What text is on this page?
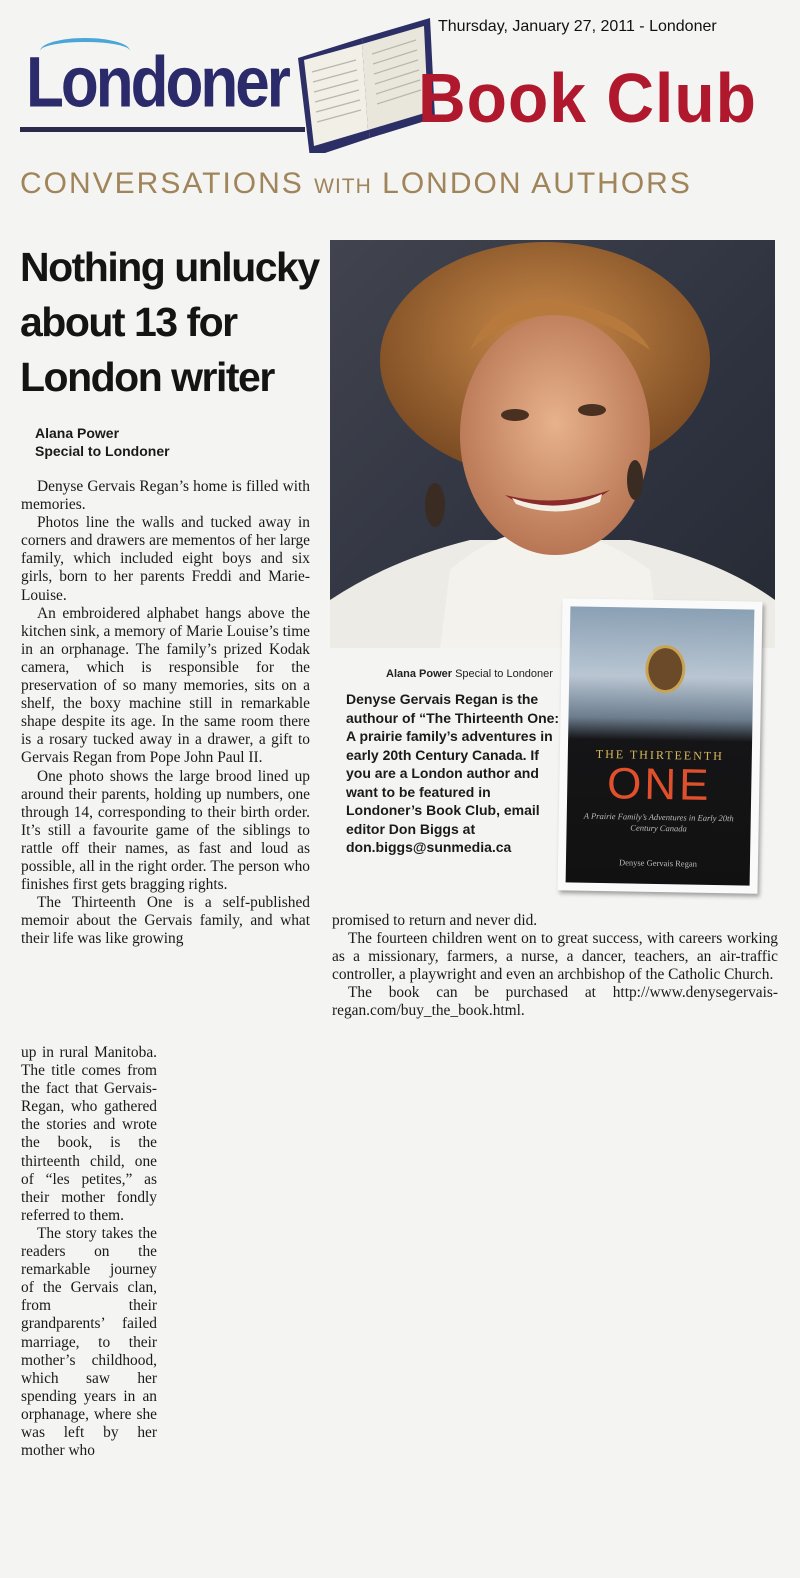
Thursday, January 27, 2011 - Londoner
Londoner Book Club
CONVERSATIONS WITH LONDON AUTHORS
Nothing unlucky
about 13 for
London writer
Alana Power
Special to Londoner

Denyse Gervais Regan’s home is filled with memories.

Photos line the walls and tucked away in corners and drawers are mementos of her large family, which included eight boys and six girls, born to her parents Freddi and Marie-Louise.

An embroidered alphabet hangs above the kitchen sink, a memory of Marie Louise’s time in an orphanage. The family’s prized Kodak camera, which is responsible for the preservation of so many memories, sits on a shelf, the boxy machine still in remarkable shape despite its age. In the same room there is a rosary tucked away in a drawer, a gift to Gervais Regan from Pope John Paul II.

One photo shows the large brood lined up around their parents, holding up numbers, one through 14, corresponding to their birth order. It’s still a favourite game of the siblings to rattle off their names, as fast and loud as possible, all in the right order. The person who finishes first gets bragging rights.

The Thirteenth One is a self-published memoir about the Gervais family, and what their life was like growing

up in rural Manitoba. The title comes from the fact that Gervais-Regan, who gathered the stories and wrote the book, is the thirteenth child, one of “les petites,” as their mother fondly referred to them.

The story takes the readers on the remarkable journey of the Gervais clan, from their grandparents’ failed marriage, to their mother’s childhood, which saw her spending years in an orphanage, where she was left by her mother who

Alana Power Special to Londoner
Denyse Gervais Regan is the authour of “The Thirteenth One: A prairie family’s adventures in early 20th Century Canada. If you are a London author and want to be featured in Londoner’s Book Club, email editor Don Biggs at don.biggs@sunmedia.ca
THE THIRTEENTH
ONE
A Prairie Family’s Adventures in Early 20th Century Canada
Denyse Gervais Regan

promised to return and never did.

The fourteen children went on to great success, with careers working as a missionary, farmers, a nurse, a dancer, teachers, an air-traffic controller, a playwright and even an archbishop of the Catholic Church.

The book can be purchased at http://www.denysegervais-regan.com/buy_the_book.html.
